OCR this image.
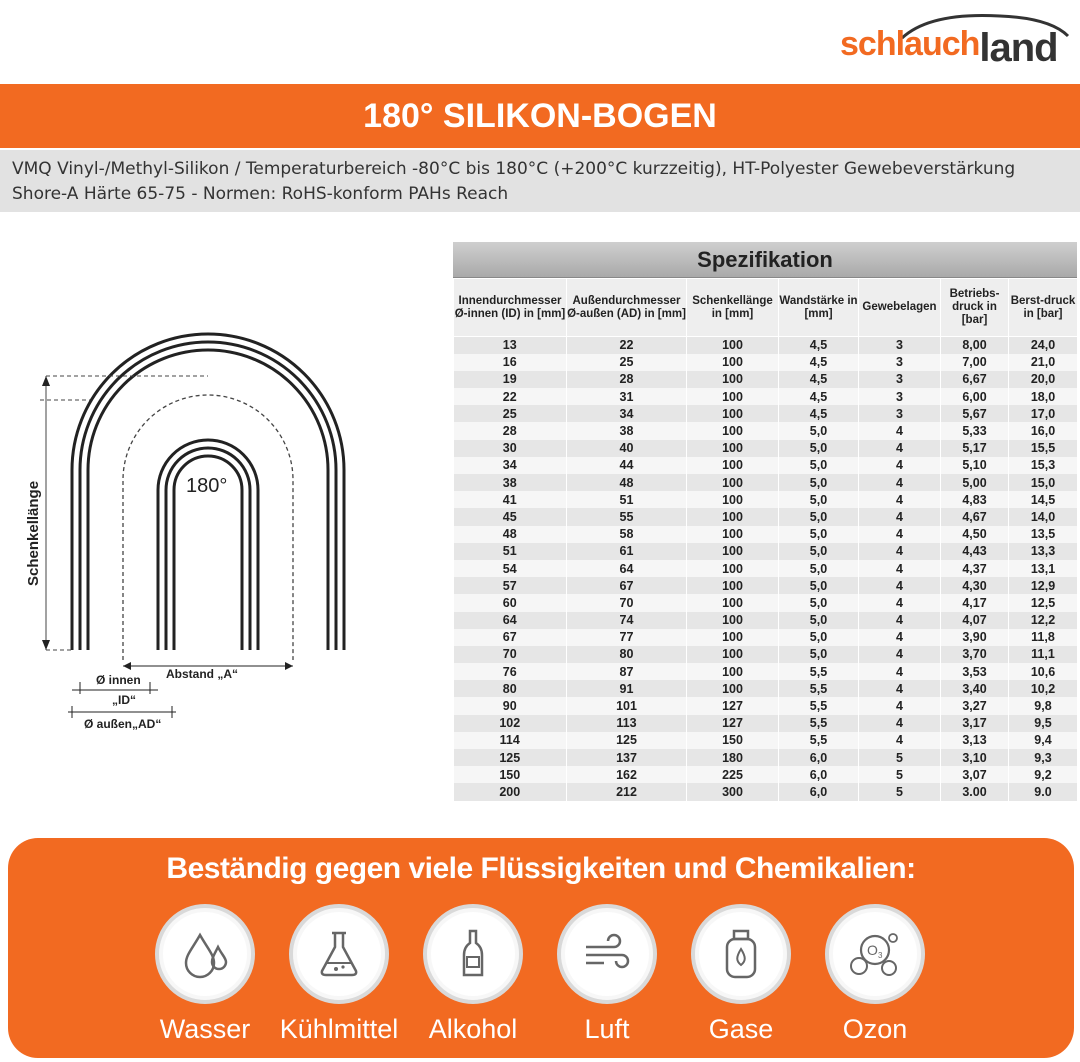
schlauchland
180° SILIKON-BOGEN
VMQ Vinyl-/Methyl-Silikon / Temperaturbereich -80°C bis 180°C (+200°C kurzzeitig), HT-Polyester Gewebeverstärkung
Shore-A Härte 65-75 - Normen: RoHS-konform PAHs Reach
180°
Schenkellänge
Abstand „A“
Ø innen
„ID“
Ø außen„AD“
Spezifikation
Innendurchmesser Ø-innen (ID) in [mm]	Außendurchmesser Ø-außen (AD) in [mm]	Schenkellänge in [mm]	Wandstärke in [mm]	Gewebelagen	Betriebs-druck in [bar]	Berst-druck in [bar]
13	22	100	4,5	3	8,00	24,0
16	25	100	4,5	3	7,00	21,0
19	28	100	4,5	3	6,67	20,0
22	31	100	4,5	3	6,00	18,0
25	34	100	4,5	3	5,67	17,0
28	38	100	5,0	4	5,33	16,0
30	40	100	5,0	4	5,17	15,5
34	44	100	5,0	4	5,10	15,3
38	48	100	5,0	4	5,00	15,0
41	51	100	5,0	4	4,83	14,5
45	55	100	5,0	4	4,67	14,0
48	58	100	5,0	4	4,50	13,5
51	61	100	5,0	4	4,43	13,3
54	64	100	5,0	4	4,37	13,1
57	67	100	5,0	4	4,30	12,9
60	70	100	5,0	4	4,17	12,5
64	74	100	5,0	4	4,07	12,2
67	77	100	5,0	4	3,90	11,8
70	80	100	5,0	4	3,70	11,1
76	87	100	5,5	4	3,53	10,6
80	91	100	5,5	4	3,40	10,2
90	101	127	5,5	4	3,27	9,8
102	113	127	5,5	4	3,17	9,5
114	125	150	5,5	4	3,13	9,4
125	137	180	6,0	5	3,10	9,3
150	162	225	6,0	5	3,07	9,2
200	212	300	6,0	5	3.00	9.0
Beständig gegen viele Flüssigkeiten und Chemikalien:
Wasser	Kühlmittel	Alkohol	Luft	Gase
O 3
Ozon
